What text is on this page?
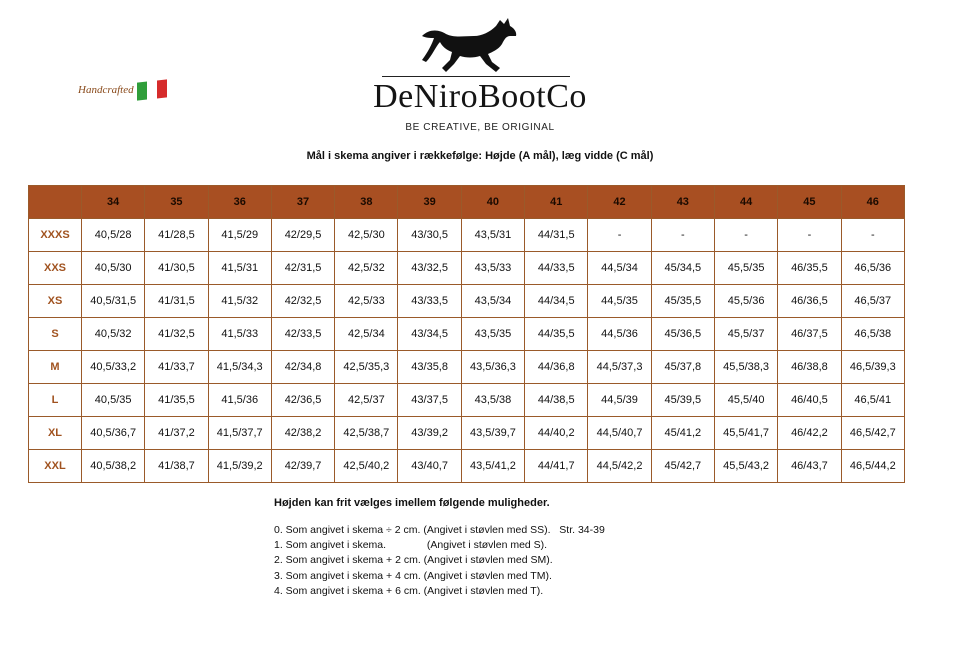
DeNiroBootCo
BE CREATIVE, BE ORIGINAL
Handcrafted
Mål i skema angiver i rækkefølge: Højde (A mål), læg vidde (C mål)
	34	35	36	37	38	39	40	41	42	43	44	45	46
XXXS	40,5/28	41/28,5	41,5/29	42/29,5	42,5/30	43/30,5	43,5/31	44/31,5	-	-	-	-	-
XXS	40,5/30	41/30,5	41,5/31	42/31,5	42,5/32	43/32,5	43,5/33	44/33,5	44,5/34	45/34,5	45,5/35	46/35,5	46,5/36
XS	40,5/31,5	41/31,5	41,5/32	42/32,5	42,5/33	43/33,5	43,5/34	44/34,5	44,5/35	45/35,5	45,5/36	46/36,5	46,5/37
S	40,5/32	41/32,5	41,5/33	42/33,5	42,5/34	43/34,5	43,5/35	44/35,5	44,5/36	45/36,5	45,5/37	46/37,5	46,5/38
M	40,5/33,2	41/33,7	41,5/34,3	42/34,8	42,5/35,3	43/35,8	43,5/36,3	44/36,8	44,5/37,3	45/37,8	45,5/38,3	46/38,8	46,5/39,3
L	40,5/35	41/35,5	41,5/36	42/36,5	42,5/37	43/37,5	43,5/38	44/38,5	44,5/39	45/39,5	45,5/40	46/40,5	46,5/41
XL	40,5/36,7	41/37,2	41,5/37,7	42/38,2	42,5/38,7	43/39,2	43,5/39,7	44/40,2	44,5/40,7	45/41,2	45,5/41,7	46/42,2	46,5/42,7
XXL	40,5/38,2	41/38,7	41,5/39,2	42/39,7	42,5/40,2	43/40,7	43,5/41,2	44/41,7	44,5/42,2	45/42,7	45,5/43,2	46/43,7	46,5/44,2
Højden kan frit vælges imellem følgende muligheder.
0. Som angivet i skema ÷ 2 cm. (Angivet i støvlen med SS).   Str. 34-39
1. Som angivet i skema.              (Angivet i støvlen med S).
2. Som angivet i skema + 2 cm. (Angivet i støvlen med SM).
3. Som angivet i skema + 4 cm. (Angivet i støvlen med TM).
4. Som angivet i skema + 6 cm. (Angivet i støvlen med T).
